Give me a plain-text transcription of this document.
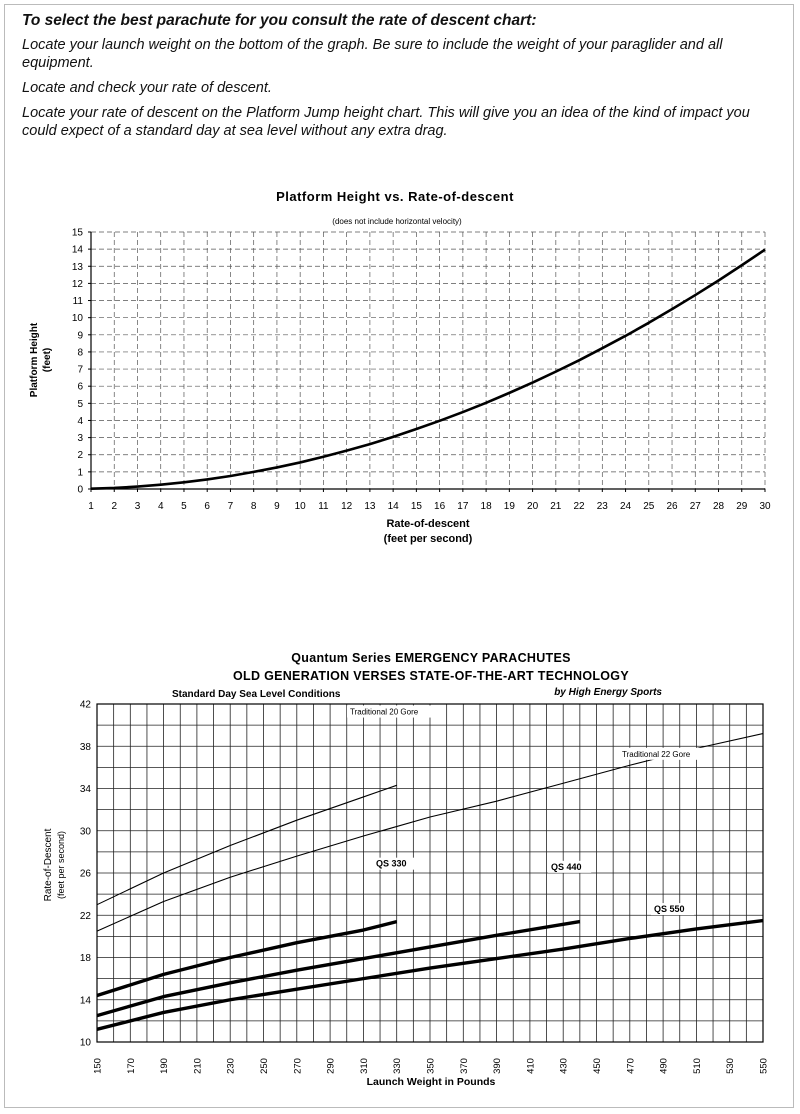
To select the best parachute for you consult the rate of descent chart:

Locate your launch weight on the bottom of the graph. Be sure to include the weight of your paraglider and all equipment.

Locate and check your rate of descent.

Locate your rate of descent on the Platform Jump height chart. This will give you an idea of the kind of impact you could expect of a standard day at sea level without any extra drag.

Platform Height vs. Rate-of-descent
(does not include horizontal velocity)
1 2 3 4 5 6 7 8 9 10 11 12 13 14 15 16 17 18 19 20 21 22 23 24 25 26 27 28 29 30
0
1
2
3
4
5
6
7
8
9
10
11
12
13
14
15
Rate-of-descent
(feet per second)
Platform Height (feet)
Quantum Series EMERGENCY PARACHUTES
OLD GENERATION VERSES STATE-OF-THE-ART TECHNOLOGY
Standard Day Sea Level Conditions	by High Energy Sports
150 170 190 210 230 250 270 290 310 330 350 370 390 410 430 450 470 490 510 530 550
10
14
18
22
26
30
34
38
42
Traditional 20 Gore
Traditional 22 Gore
QS 330	QS 440
QS 550
Launch Weight in Pounds
Rate-of-Descent (feet per second)
